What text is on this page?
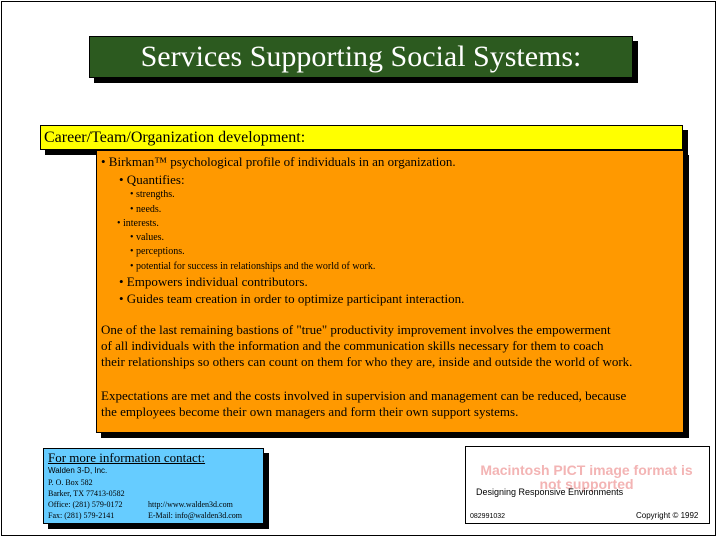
Services Supporting Social Systems:
Career/Team/Organization development:
• Birkman™ psychological profile of individuals in an organization.
• Quantifies:
• strengths.
• needs.
• interests.
• values.
• perceptions.
• potential for success in relationships and the world of work.
• Empowers individual contributors.
• Guides team creation in order to optimize participant interaction.
One of the last remaining bastions of "true" productivity improvement involves the empowerment
of all individuals with the information and the communication skills necessary for them to coach
their relationships so others can count on them for who they are, inside and outside the world of work.
Expectations are met and the costs involved in supervision and management can be reduced, because
the employees become their own managers and form their own support systems.
For more information contact:
Walden 3-D, Inc.
P. O. Box 582
Barker, TX 77413-0582
Office: (281) 579-0172
Fax: (281) 579-2141
http://www.walden3d.com
E-Mail: info@walden3d.com
Macintosh PICT image format is not supported
Designing Responsive Environments
082991032	Copyright © 1992
